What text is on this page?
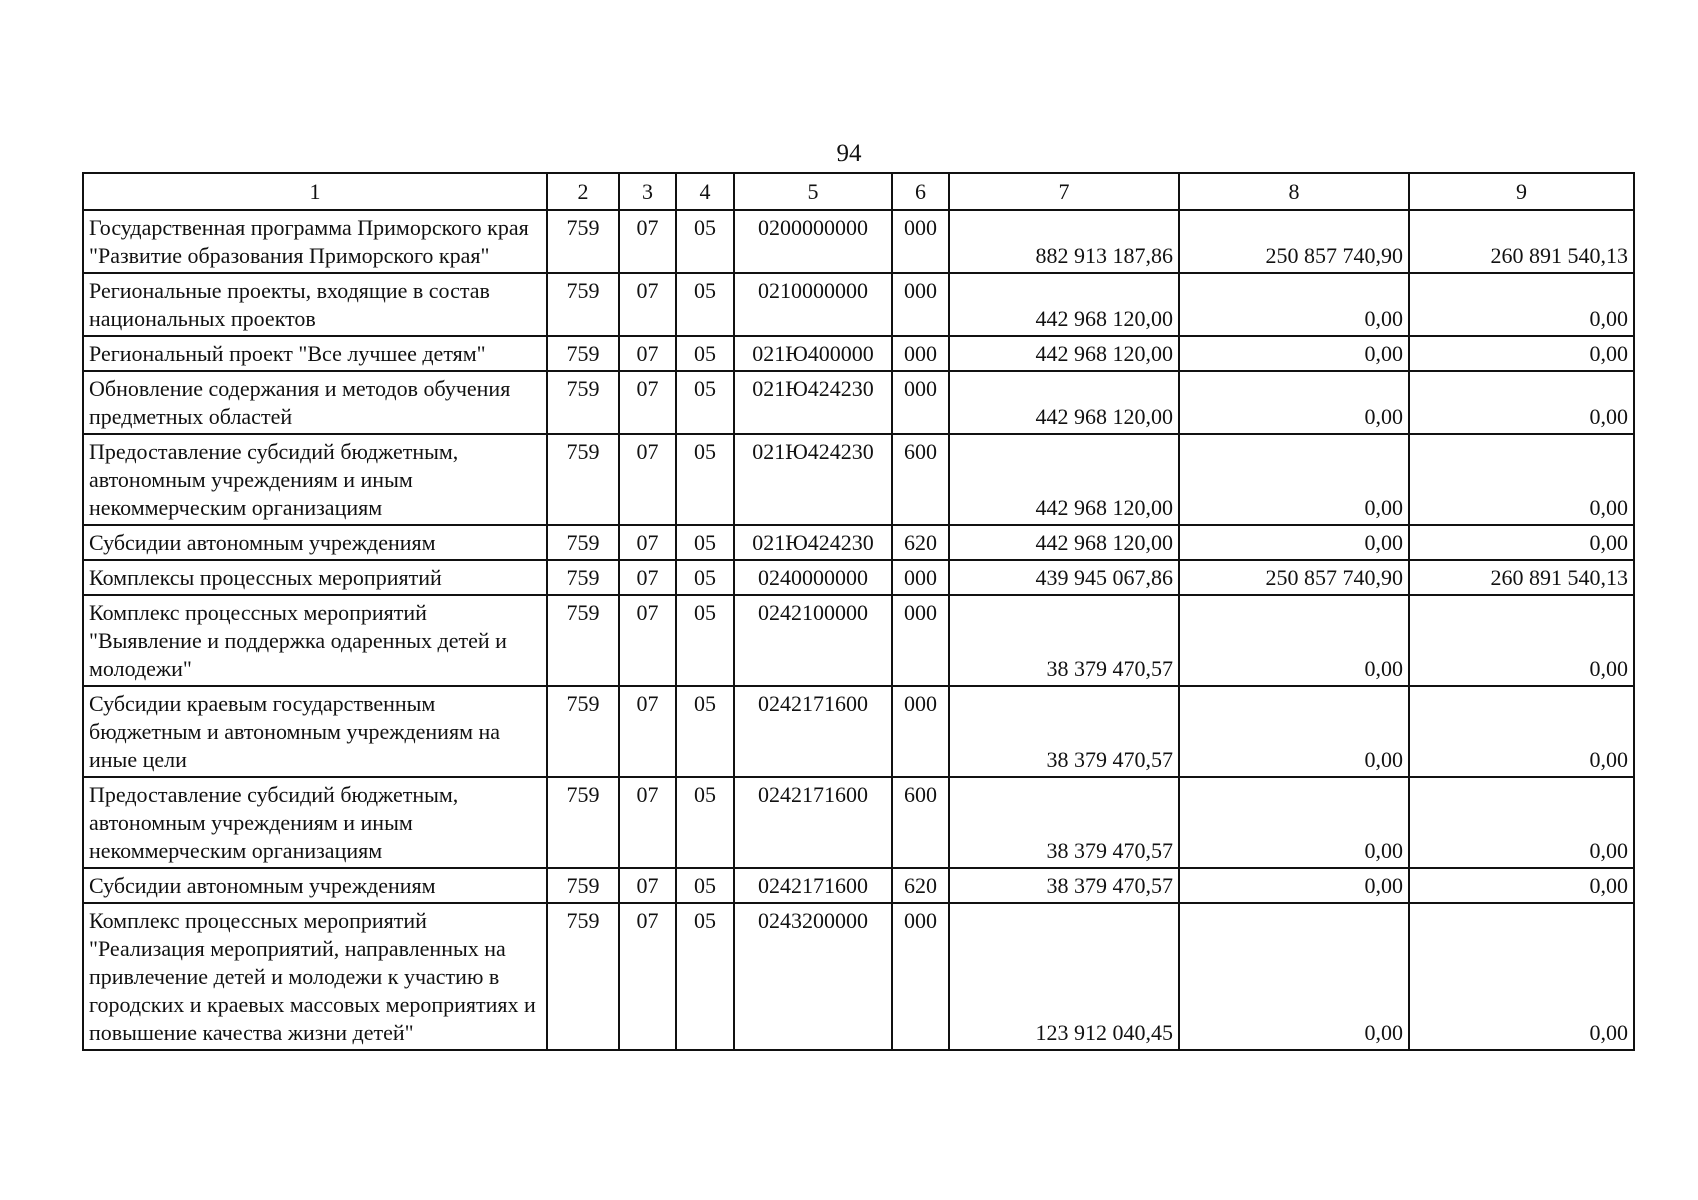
94
1	2	3	4	5	6	7	8	9
Государственная программа Приморского края "Развитие образования Приморского края"	759	07	05	0200000000	000	882 913 187,86	250 857 740,90	260 891 540,13
Региональные проекты, входящие в состав национальных проектов	759	07	05	0210000000	000	442 968 120,00	0,00	0,00
Региональный проект "Все лучшее детям"	759	07	05	021Ю400000	000	442 968 120,00	0,00	0,00
Обновление содержания и методов обучения предметных областей	759	07	05	021Ю424230	000	442 968 120,00	0,00	0,00
Предоставление субсидий бюджетным, автономным учреждениям и иным некоммерческим организациям	759	07	05	021Ю424230	600	442 968 120,00	0,00	0,00
Субсидии автономным учреждениям	759	07	05	021Ю424230	620	442 968 120,00	0,00	0,00
Комплексы процессных мероприятий	759	07	05	0240000000	000	439 945 067,86	250 857 740,90	260 891 540,13
Комплекс процессных мероприятий "Выявление и поддержка одаренных детей и молодежи"	759	07	05	0242100000	000	38 379 470,57	0,00	0,00
Субсидии краевым государственным бюджетным и автономным учреждениям на иные цели	759	07	05	0242171600	000	38 379 470,57	0,00	0,00
Предоставление субсидий бюджетным, автономным учреждениям и иным некоммерческим организациям	759	07	05	0242171600	600	38 379 470,57	0,00	0,00
Субсидии автономным учреждениям	759	07	05	0242171600	620	38 379 470,57	0,00	0,00
Комплекс процессных мероприятий "Реализация мероприятий, направленных на привлечение детей и молодежи к участию в городских и краевых массовых мероприятиях и повышение качества жизни детей"	759	07	05	0243200000	000	123 912 040,45	0,00	0,00
